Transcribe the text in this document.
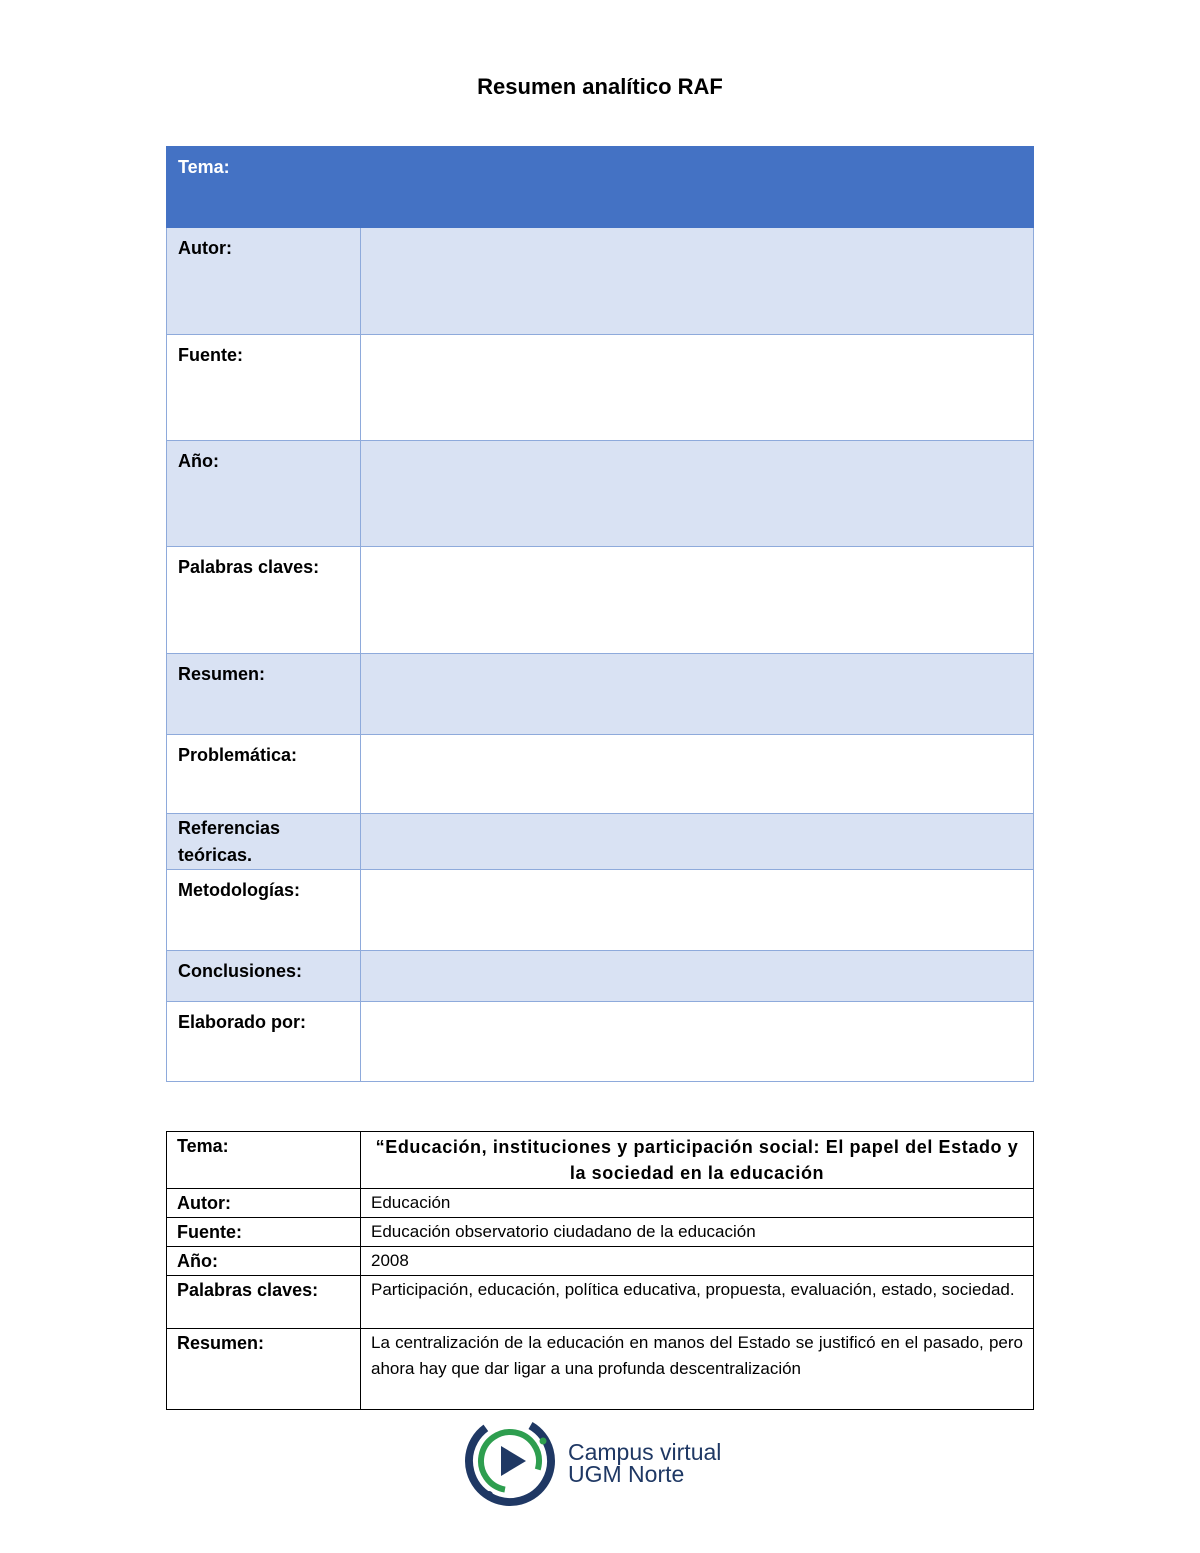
Resumen analítico RAF
Tema:	
Autor:	
Fuente:	
Año:	
Palabras claves:	
Resumen:	
Problemática:	
Referencias teóricas.	
Metodologías:	
Conclusiones:	
Elaborado por:	
Tema:	“Educación, instituciones y participación social: El papel del Estado y la sociedad en la educación
Autor:	Educación
Fuente:	Educación observatorio ciudadano de la educación
Año:	2008
Palabras claves:	Participación, educación, política educativa, propuesta, evaluación, estado, sociedad.
Resumen:	La centralización de la educación en manos del Estado se justificó en el pasado, pero ahora hay que dar ligar a una profunda descentralización
Campus virtual
UGM Norte
